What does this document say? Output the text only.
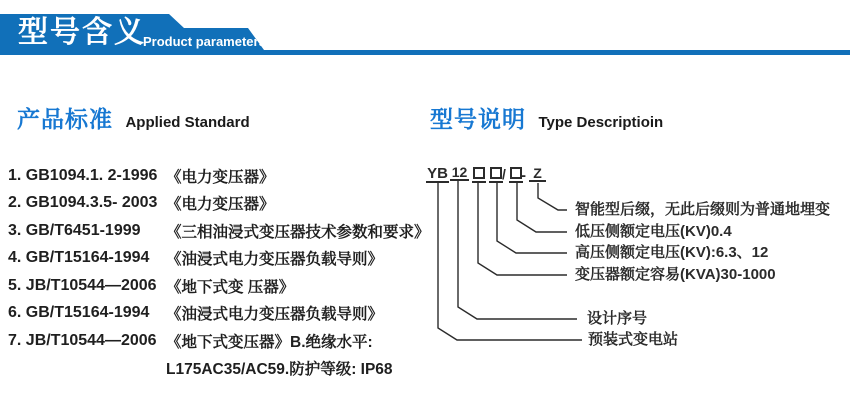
型号含义
Product parameters
产品标准 Applied Standard
1. GB1094.1. 2-1996 《电力变压器》
2. GB1094.3.5- 2003 《电力变压器》
3. GB/T6451-1999	《三相油浸式变压器技术参数和要求》
4. GB/T15164-1994	《油浸式电力变压器负载导则》
5. JB/T10544—2006 《地下式变 压器》
6. GB/T15164-1994	《油浸式电力变压器负载导则》
7. JB/T10544—2006 《地下式变压器》B.绝缘水平:
L175AC35/AC59.防护等级: IP68
型号说明 Type Descriptioin
YB 12 / - Z
智能型后缀，无此后缀则为普通地埋变
低压侧额定电压(KV)0.4
高压侧额定电压(KV):6.3、12
变压器额定容易(KVA)30-1000
设计序号
预装式变电站
